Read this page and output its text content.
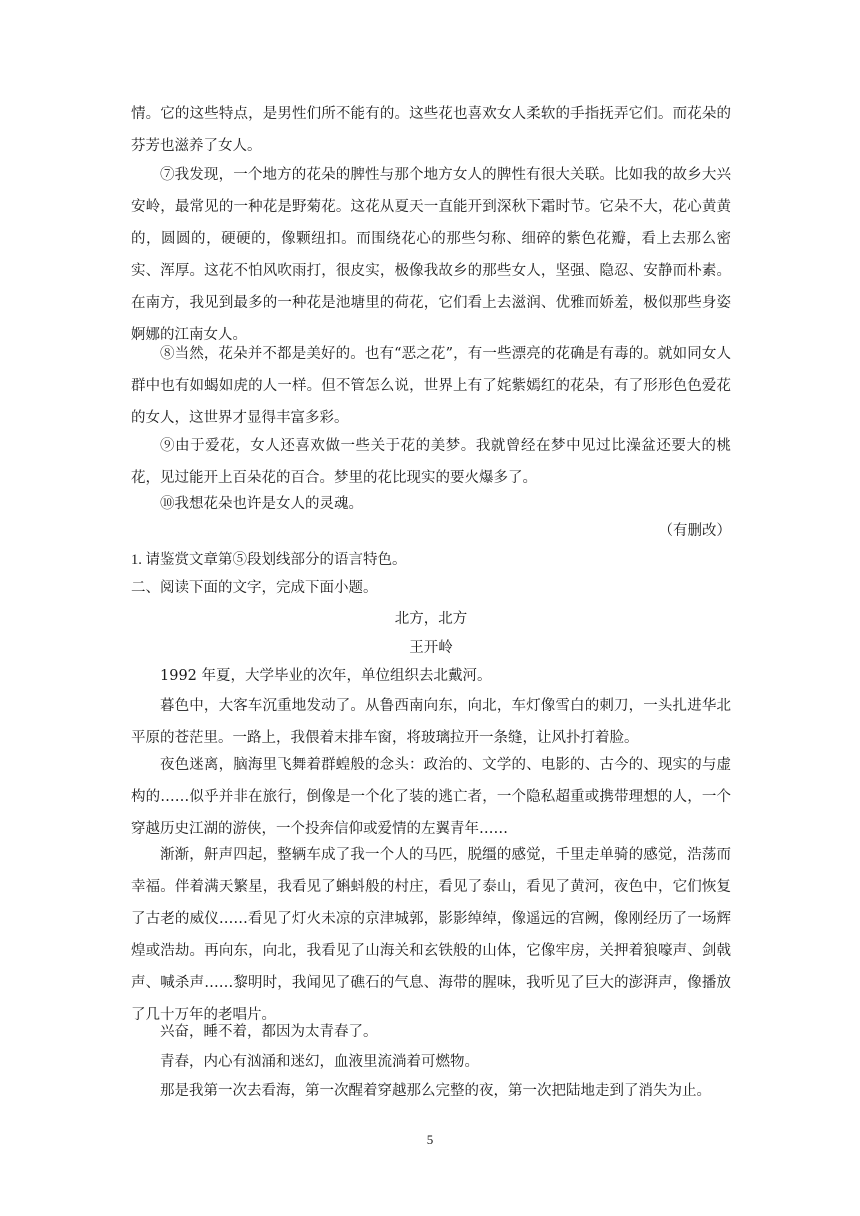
情。它的这些特点，是男性们所不能有的。这些花也喜欢女人柔软的手指抚弄它们。而花朵的芬芳也滋养了女人。

⑦我发现，一个地方的花朵的脾性与那个地方女人的脾性有很大关联。比如我的故乡大兴安岭，最常见的一种花是野菊花。这花从夏天一直能开到深秋下霜时节。它朵不大，花心黄黄的，圆圆的，硬硬的，像颗纽扣。而围绕花心的那些匀称、细碎的紫色花瓣，看上去那么密实、浑厚。这花不怕风吹雨打，很皮实，极像我故乡的那些女人，坚强、隐忍、安静而朴素。在南方，我见到最多的一种花是池塘里的荷花，它们看上去滋润、优雅而娇羞，极似那些身姿婀娜的江南女人。

⑧当然，花朵并不都是美好的。也有“恶之花”，有一些漂亮的花确是有毒的。就如同女人群中也有如蝎如虎的人一样。但不管怎么说，世界上有了姹紫嫣红的花朵，有了形形色色爱花的女人，这世界才显得丰富多彩。

⑨由于爱花，女人还喜欢做一些关于花的美梦。我就曾经在梦中见过比澡盆还要大的桃花，见过能开上百朵花的百合。梦里的花比现实的要火爆多了。

⑩我想花朵也许是女人的灵魂。

（有删改）

1. 请鉴赏文章第⑤段划线部分的语言特色。

二、阅读下面的文字，完成下面小题。

北方，北方

王开岭

1992 年夏，大学毕业的次年，单位组织去北戴河。

暮色中，大客车沉重地发动了。从鲁西南向东，向北，车灯像雪白的刺刀，一头扎进华北平原的苍茫里。一路上，我偎着末排车窗，将玻璃拉开一条缝，让风扑打着脸。

夜色迷离，脑海里飞舞着群蝗般的念头：政治的、文学的、电影的、古今的、现实的与虚构的……似乎并非在旅行，倒像是一个化了装的逃亡者，一个隐私超重或携带理想的人，一个穿越历史江湖的游侠，一个投奔信仰或爱情的左翼青年……

渐渐，鼾声四起，整辆车成了我一个人的马匹，脱缰的感觉，千里走单骑的感觉，浩荡而幸福。伴着满天繁星，我看见了蝌蚪般的村庄，看见了泰山，看见了黄河，夜色中，它们恢复了古老的威仪……看见了灯火未凉的京津城郭，影影绰绰，像遥远的宫阙，像刚经历了一场辉煌或浩劫。再向东，向北，我看见了山海关和玄铁般的山体，它像牢房，关押着狼嚎声、剑戟声、喊杀声……黎明时，我闻见了礁石的气息、海带的腥味，我听见了巨大的澎湃声，像播放了几十万年的老唱片。

兴奋，睡不着，都因为太青春了。

青春，内心有汹涌和迷幻，血液里流淌着可燃物。

那是我第一次去看海，第一次醒着穿越那么完整的夜，第一次把陆地走到了消失为止。

5
